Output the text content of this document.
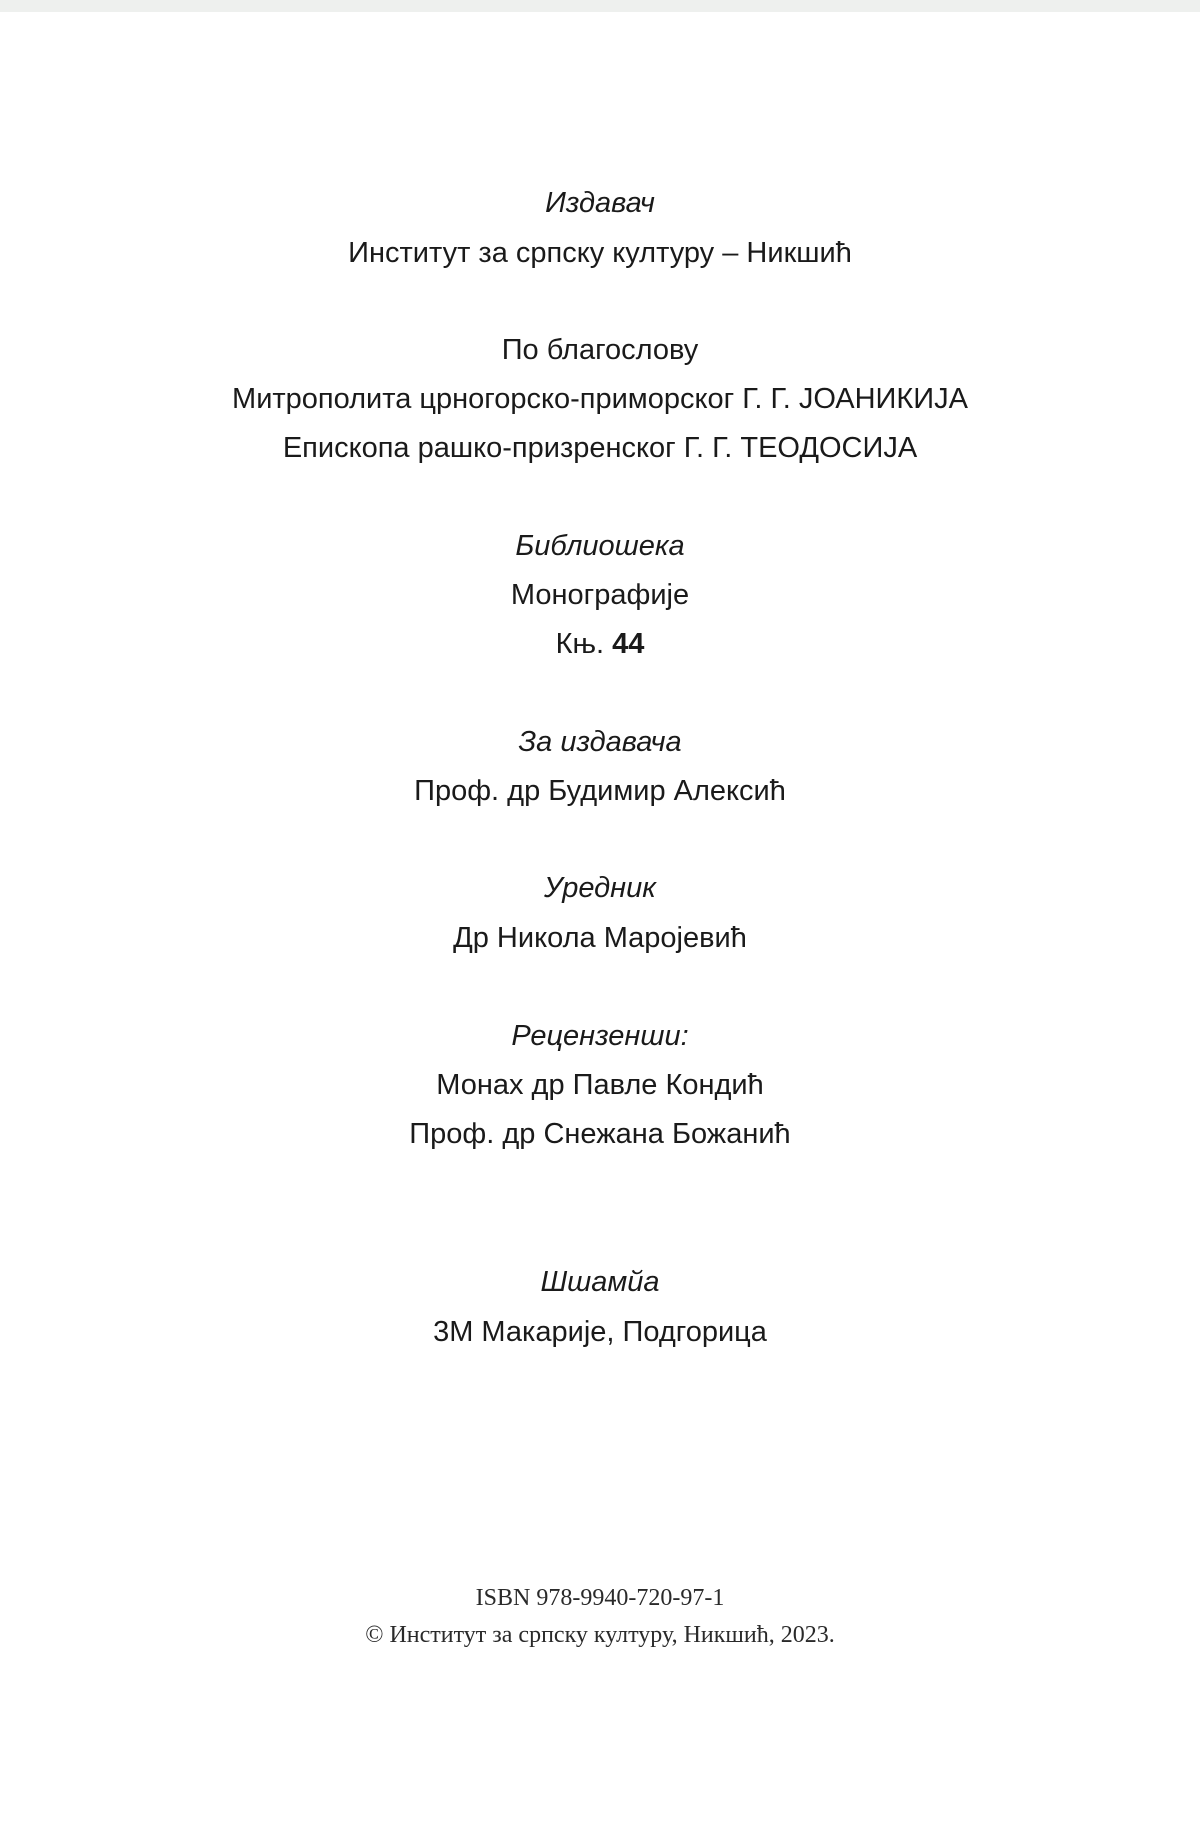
Издавач
Институт за српску културу – Никшић
По благослову
Митрополита црногорско-приморског Г. Г. ЈОАНИКИЈА
Епископа рашко-призренског Г. Г. ТЕОДОСИЈА
Библиошека
Монографије
Књ. 44
За издавача
Проф. др Будимир Алексић
Уредник
Др Никола Маројевић
Рецензенши:
Монах др Павле Кондић
Проф. др Снежана Божанић
Шшамйа
3М Макарије, Подгорица
ISBN 978-9940-720-97-1
© Институт за српску културу, Никшић, 2023.
